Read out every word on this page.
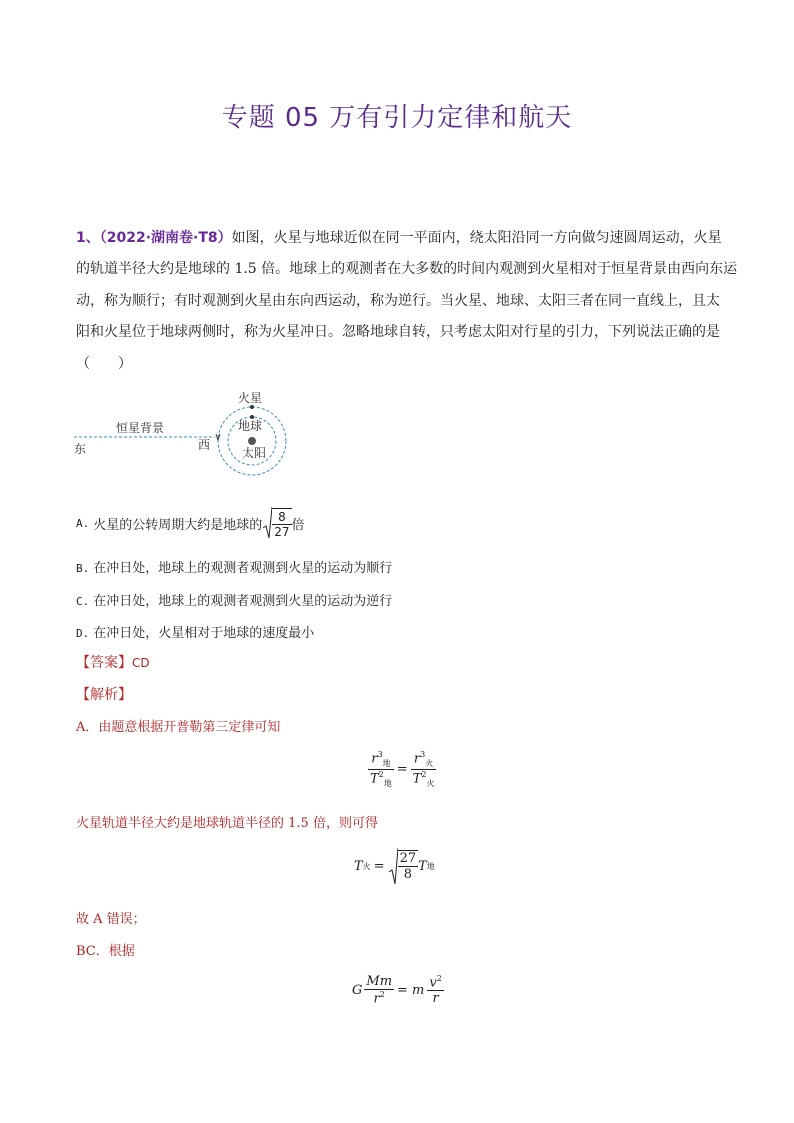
专题 05 万有引力定律和航天
1、（2022·湖南卷·T8）如图，火星与地球近似在同一平面内，绕太阳沿同一方向做匀速圆周运动，火星
的轨道半径大约是地球的 1.5 倍。地球上的观测者在大多数的时间内观测到火星相对于恒星背景由西向东运
动，称为顺行；有时观测到火星由东向西运动，称为逆行。当火星、地球、太阳三者在同一直线上，且太
阳和火星位于地球两侧时，称为火星冲日。忽略地球自转，只考虑太阳对行星的引力，下列说法正确的是
（　　）
火星
地球
太阳
恒星背景
东	西
A. 火星的公转周期大约是地球的 $\frac{8}{27}$ 倍
B. 在冲日处，地球上的观测者观测到火星的运动为顺行
C. 在冲日处，地球上的观测者观测到火星的运动为逆行
D. 在冲日处，火星相对于地球的速度最小
【答案】CD
【解析】
A．由题意根据开普勒第三定律可知
$\frac{r^3_地}{T^2_地} = \frac{r^3_火}{T^2_火}$
火星轨道半径大约是地球轨道半径的 1.5 倍，则可得
T 火 = $\frac{27}{8}$ T 地
故 A 错误；
BC．根据
G $\frac{Mm}{r^2} = m \frac{v^2}{r}$
